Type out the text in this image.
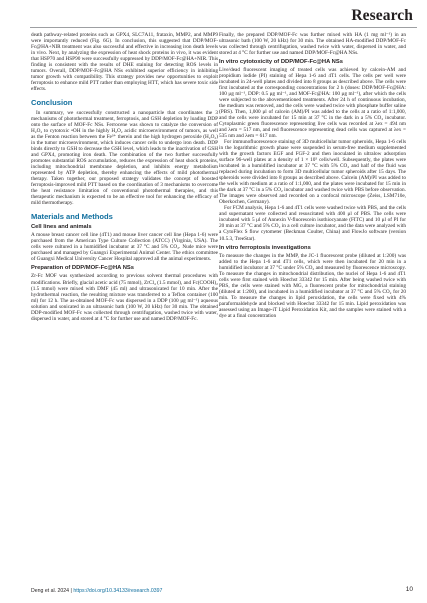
Research

death pathway-related proteins such as GPX4, SLC7A11, frataxin, MMP2, and MMP9 were importantly reduced (Fig. 6G). In conclusion, this suggested that DDP/MOF-Fc@HA+NIR treatment was also successful and effective in increasing iron death levels in vivo. Next, by analyzing the expression of heat shock proteins in vivo, it was evident that HSP70 and HSP90 were successfully suppressed by DDP/MOF-Fc@HA+NIR. This finding is consistent with the results of DHE staining for detecting ROS levels in tumors. Overall, DDP/MOF-Fc@HA NSs exhibited superior efficiency in inhibiting tumor growth with compatibility. This strategy provides new opportunities to exploit ferroptosis to enhance mild PTT rather than employing HTT, which has severe toxic side effects.

Conclusion

In summary, we successfully constructed a nanoparticle that coordinates the 3 mechanisms of photothermal treatment, ferroptosis, and GSH depletion by loading DDP onto the surface of MOF-Fc NSs. Ferrocene was shown to catalyze the conversion of H₂O₂ to cytotoxic •OH in the highly H₂O₂ acidic microenvironment of tumors, as well as the Fenton reaction between the Fe³⁺ therein and the high hydrogen peroxide (H₂O₂) in the tumor microenvironment, which induces cancer cells to undergo iron death. DDP binds directly to GSH to decrease the GSH level, which leads to the inactivation of GSH and GPX4, promoting iron death. The combination of the two further successfully promotes substantial ROS accumulation, reduces the expression of heat shock proteins, including mitochondrial membrane depletion, and inhibits energy metabolism represented by ATP depletion, thereby enhancing the effects of mild photothermal therapy. Taken together, our proposed strategy validates the concept of boosted ferroptosis-improved mild PTT based on the coordination of 3 mechanisms to overcome the heat resistance limitation of conventional photothermal therapies, and this therapeutic mechanism is expected to be an effective tool for enhancing the efficacy of mild thermotherapy.

Materials and Methods
Cell lines and animals

A mouse breast cancer cell line (4T1) and mouse liver cancer cell line (Hepa 1-6) were purchased from the American Type Culture Collection (ATCC) (Virginia, USA). The cells were cultured in a humidified incubator at 37 °C and 5% CO₂. Nude mice were purchased and managed by Guangxi Experimental Animal Center. The ethics committee of Guangxi Medical University Cancer Hospital approved all the animal experiments.

Preparation of DDP/MOF-Fc@HA NSs

Zr-Fc MOF was synthesized according to previous solvent thermal procedures with modifications. Briefly, glacial acetic acid (75 mmol), ZrCl₄ (1.5 mmol), and Fc(COOH)₂ (1.5 mmol) were mixed with DMF (45 ml) and ultrasonicated for 10 min. After the hydrothermal reaction, the resulting mixture was transferred to a Teflon container (100 ml) for 12 h. The as-obtained MOF-Fc was dispersed in a DDP (100 μg ml⁻¹) aqueous solution and sonicated in an ultrasonic bath (100 W, 20 kHz) for 30 min. The obtained DDP-modified MOF-Fc was collected through centrifugation, washed twice with water, dispersed in water, and stored at 4 °C for further use and named DDP/MOF-Fc.

Finally, the prepared DDP/MOF-Fc was further mixed with HA (1 mg ml⁻¹) in an ultrasonic bath (100 W, 20 kHz) for 30 min. The obtained HA-modified DDP/MOF-Fc was collected through centrifugation, washed twice with water, dispersed in water, and stored at 4 °C for further use and named DDP/MOF-Fc@HA NSs.

In vitro cytotoxicity of DDP/MOF-Fc@HA NSs

Live/dead fluorescent imaging of treated cells was achieved by calcein-AM and propidium iodide (PI) staining of Hepa 1-6 and 4T1 cells. The cells per well were incubated in 24-well plates and divided into 8 groups as described above. The cells were first incubated at the corresponding concentrations for 2 h (doses: DDP/MOF-Fc@HA: 100 μg ml⁻¹, DDP: 0.5 μg ml⁻¹, and MOF-Fc@HA: 100 μg ml⁻¹), after which the cells were subjected to the abovementioned treatments. After 24 h of continuous incubation, the medium was removed, and the cells were washed twice with phosphate buffer saline (PBS). Then, 1,000 μl of calcein (AM)/PI was added to the cells at a ratio of 1:1,000, and the cells were incubated for 15 min at 37 °C in the dark in a 5% CO₂ incubator. Cytoplasmic green fluorescence representing live cells was recorded at λex = 494 nm and λem = 517 nm, and red fluorescence representing dead cells was captured at λex = 535 nm and λem = 617 nm.

For immunofluorescence staining of 3D multicellular tumor spheroids, Hepa 1-6 cells in the logarithmic growth phase were suspended in serum-free medium supplemented with the growth factors EGF and FGF-2 and then inoculated in ultralow adsorption surface 96-well plates at a density of 1 × 10⁵ cells/well. Subsequently, the plates were incubated in a humidified incubator at 37 °C with 5% CO₂ and half of the fluid was replaced during incubation to form 3D multicellular tumor spheroids after 15 days. The spheroids were divided into 8 groups as described above. Calcein (AM)/PI was added to the wells with medium at a ratio of 1:1,000, and the plates were incubated for 15 min in the dark at 37 °C in a 5% CO₂ incubator and washed twice with PBS before observation. The images were observed and recorded on a confocal microscope (Zeiss, LSM710e, Oberkochen, Germany).

For FCM analysis, Hepa 1-6 and 4T1 cells were washed twice with PBS, and the cells and supernatant were collected and resuscitated with 400 μl of PBS. The cells were incubated with 5 μl of Annexin V-fluorescein isothiocyanate (FITC) and 10 μl of PI for 20 min at 37 °C and 5% CO₂ in a cell culture incubator, and the data were analyzed with a CytoFlex S flow cytometer (Beckman Coulter, China) and FlowJo software (version 10.5.3, TreeStar).

In vitro ferroptosis investigations

To measure the changes in the MMP, the JC-1 fluorescent probe (diluted at 1:200) was added to the Hepa 1-6 and 4T1 cells, which were then incubated for 20 min in a humidified incubator at 37 °C under 5% CO₂ and measured by fluorescence microscopy. To measure the changes in mitochondrial distribution, the nuclei of Hepa 1-6 and 4T1 cells were first stained with Hoechst 33342 for 15 min. After being washed twice with PBS, the cells were stained with MG, a fluorescent probe for mitochondrial staining (diluted at 1:200), and incubated in a humidified incubator at 37 °C and 5% CO₂ for 20 min. To measure the changes in lipid peroxidation, the cells were fixed with 4% paraformaldehyde and blocked with Hoechst 33342 for 15 min. Lipid peroxidation was assessed using an Image-iT Lipid Peroxidation Kit, and the samples were stained with a dye at a final concentration

Deng et al. 2024 | https://doi.org/10.34133/research.0397	10
